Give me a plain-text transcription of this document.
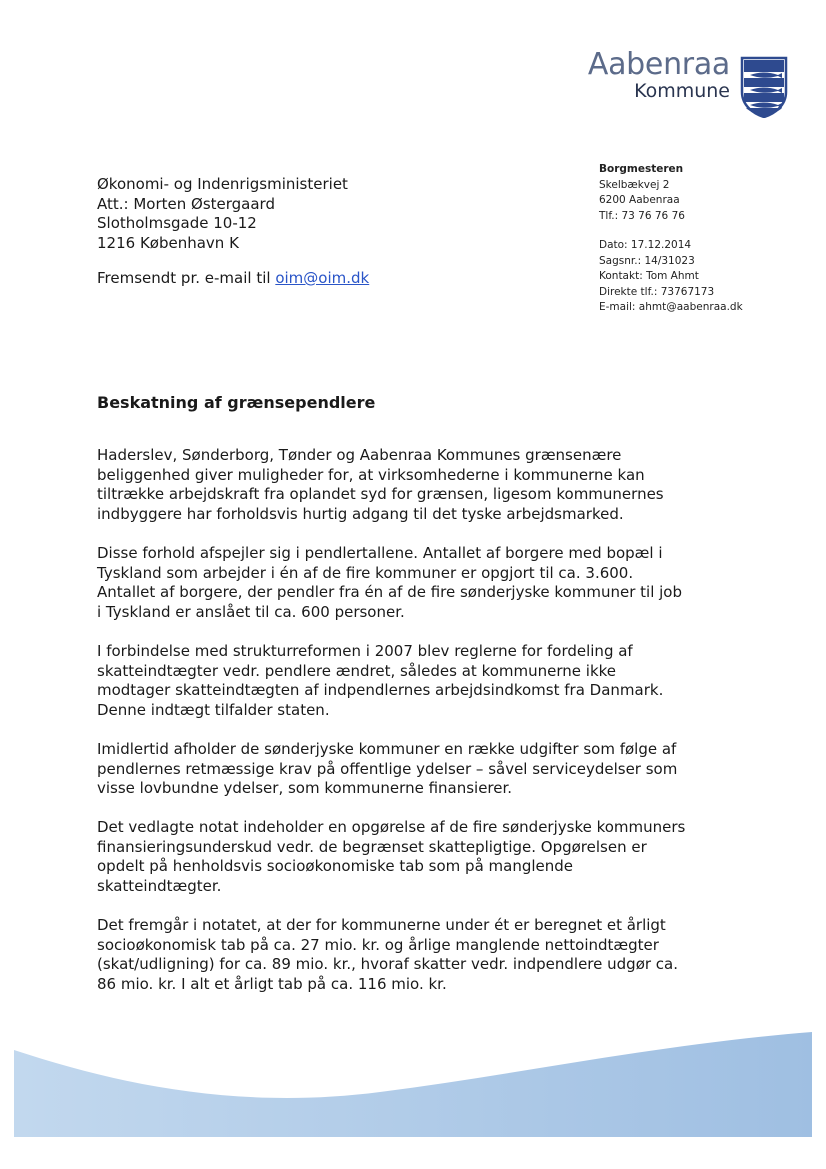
Aabenraa
Kommune
Borgmesteren
Skelbækvej 2
6200 Aabenraa
Tlf.: 73 76 76 76
Dato: 17.12.2014
Sagsnr.: 14/31023
Kontakt: Tom Ahmt
Direkte tlf.: 73767173
E-mail: ahmt@aabenraa.dk
Økonomi- og Indenrigsministeriet
Att.: Morten Østergaard
Slotholmsgade 10-12
1216 København K
Fremsendt pr. e-mail til oim@oim.dk
Beskatning af grænsependlere

Haderslev, Sønderborg, Tønder og Aabenraa Kommunes grænsenære
beliggenhed giver muligheder for, at virksomhederne i kommunerne kan
tiltrække arbejdskraft fra oplandet syd for grænsen, ligesom kommunernes
indbyggere har forholdsvis hurtig adgang til det tyske arbejdsmarked.

Disse forhold afspejler sig i pendlertallene. Antallet af borgere med bopæl i
Tyskland som arbejder i én af de fire kommuner er opgjort til ca. 3.600.
Antallet af borgere, der pendler fra én af de fire sønderjyske kommuner til job
i Tyskland er anslået til ca. 600 personer.

I forbindelse med strukturreformen i 2007 blev reglerne for fordeling af
skatteindtægter vedr. pendlere ændret, således at kommunerne ikke
modtager skatteindtægten af indpendlernes arbejdsindkomst fra Danmark.
Denne indtægt tilfalder staten.

Imidlertid afholder de sønderjyske kommuner en række udgifter som følge af
pendlernes retmæssige krav på offentlige ydelser – såvel serviceydelser som
visse lovbundne ydelser, som kommunerne finansierer.

Det vedlagte notat indeholder en opgørelse af de fire sønderjyske kommuners
finansieringsunderskud vedr. de begrænset skattepligtige. Opgørelsen er
opdelt på henholdsvis socioøkonomiske tab som på manglende
skatteindtægter.

Det fremgår i notatet, at der for kommunerne under ét er beregnet et årligt
socioøkonomisk tab på ca. 27 mio. kr. og årlige manglende nettoindtægter
(skat/udligning) for ca. 89 mio. kr., hvoraf skatter vedr. indpendlere udgør ca.
86 mio. kr. I alt et årligt tab på ca. 116 mio. kr.
